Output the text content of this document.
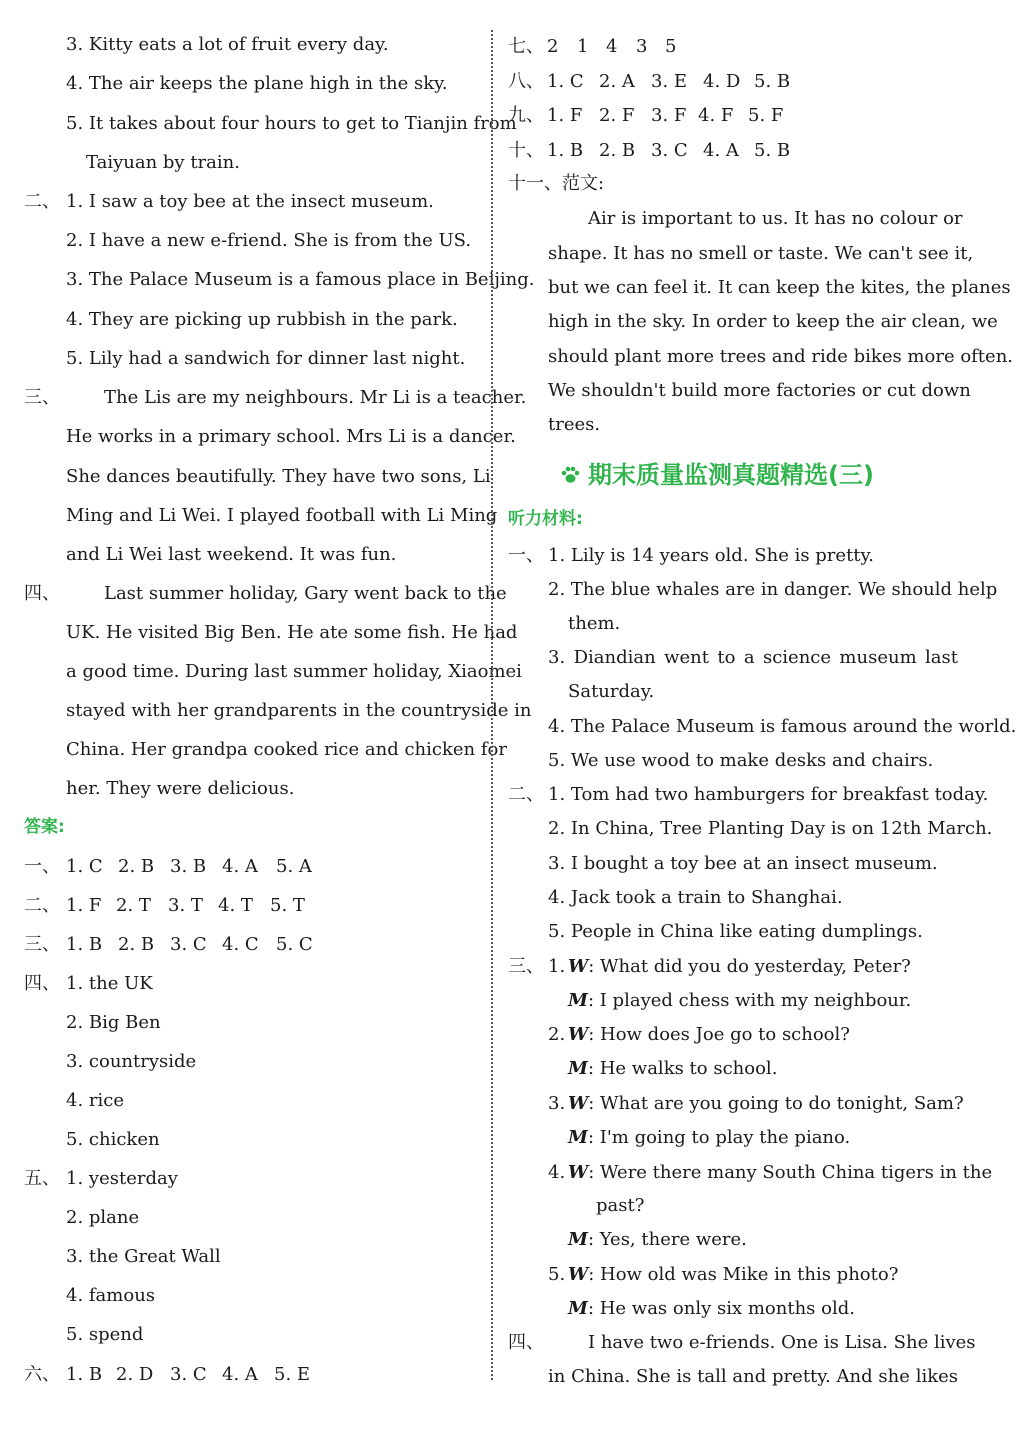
3. Kitty eats a lot of fruit every day.
4. The air keeps the plane high in the sky.
5. It takes about four hours to get to Tianjin from
Taiyuan by train.
二、 1. I saw a toy bee at the insect museum.
2. I have a new e-friend. She is from the US.
3. The Palace Museum is a famous place in Beijing.
4. They are picking up rubbish in the park.
5. Lily had a sandwich for dinner last night.
三、 The Lis are my neighbours. Mr Li is a teacher.
He works in a primary school. Mrs Li is a dancer.
She dances beautifully. They have two sons, Li
Ming and Li Wei. I played football with Li Ming
and Li Wei last weekend. It was fun.
四、 Last summer holiday, Gary went back to the
UK. He visited Big Ben. He ate some fish. He had
a good time. During last summer holiday, Xiaomei
stayed with her grandparents in the countryside in
China. Her grandpa cooked rice and chicken for
her. They were delicious.
答案:
一、 1. C 2. B 3. B 4. A 5. A
二、 1. F 2. T 3. T 4. T 5. T
三、 1. B 2. B 3. C 4. C 5. C
四、 1. the UK
2. Big Ben
3. countryside
4. rice
5. chicken
五、 1. yesterday
2. plane
3. the Great Wall
4. famous
5. spend
六、 1. B 2. D 3. C 4. A 5. E
七、 2 1 4 3 5
八、 1. C 2. A 3. E 4. D 5. B
九、 1. F 2. F 3. F 4. F 5. F
十、 1. B 2. B 3. C 4. A 5. B
十一、范文:
Air is important to us. It has no colour or
shape. It has no smell or taste. We can't see it,
but we can feel it. It can keep the kites, the planes
high in the sky. In order to keep the air clean, we
should plant more trees and ride bikes more often.
We shouldn't build more factories or cut down
trees.
期末质量监测真题精选(三)
听力材料:
一、 1. Lily is 14 years old. She is pretty.
2. The blue whales are in danger. We should help
them.
3. Diandian went to a science museum last
Saturday.
4. The Palace Museum is famous around the world.
5. We use wood to make desks and chairs.
二、 1. Tom had two hamburgers for breakfast today.
2. In China, Tree Planting Day is on 12th March.
3. I bought a toy bee at an insect museum.
4. Jack took a train to Shanghai.
5. People in China like eating dumplings.
三、 1. W: What did you do yesterday, Peter?
M: I played chess with my neighbour.
2. W: How does Joe go to school?
M: He walks to school.
3. W: What are you going to do tonight, Sam?
M: I'm going to play the piano.
4. W: Were there many South China tigers in the
past?
M: Yes, there were.
5. W: How old was Mike in this photo?
M: He was only six months old.
四、 I have two e-friends. One is Lisa. She lives
in China. She is tall and pretty. And she likes
